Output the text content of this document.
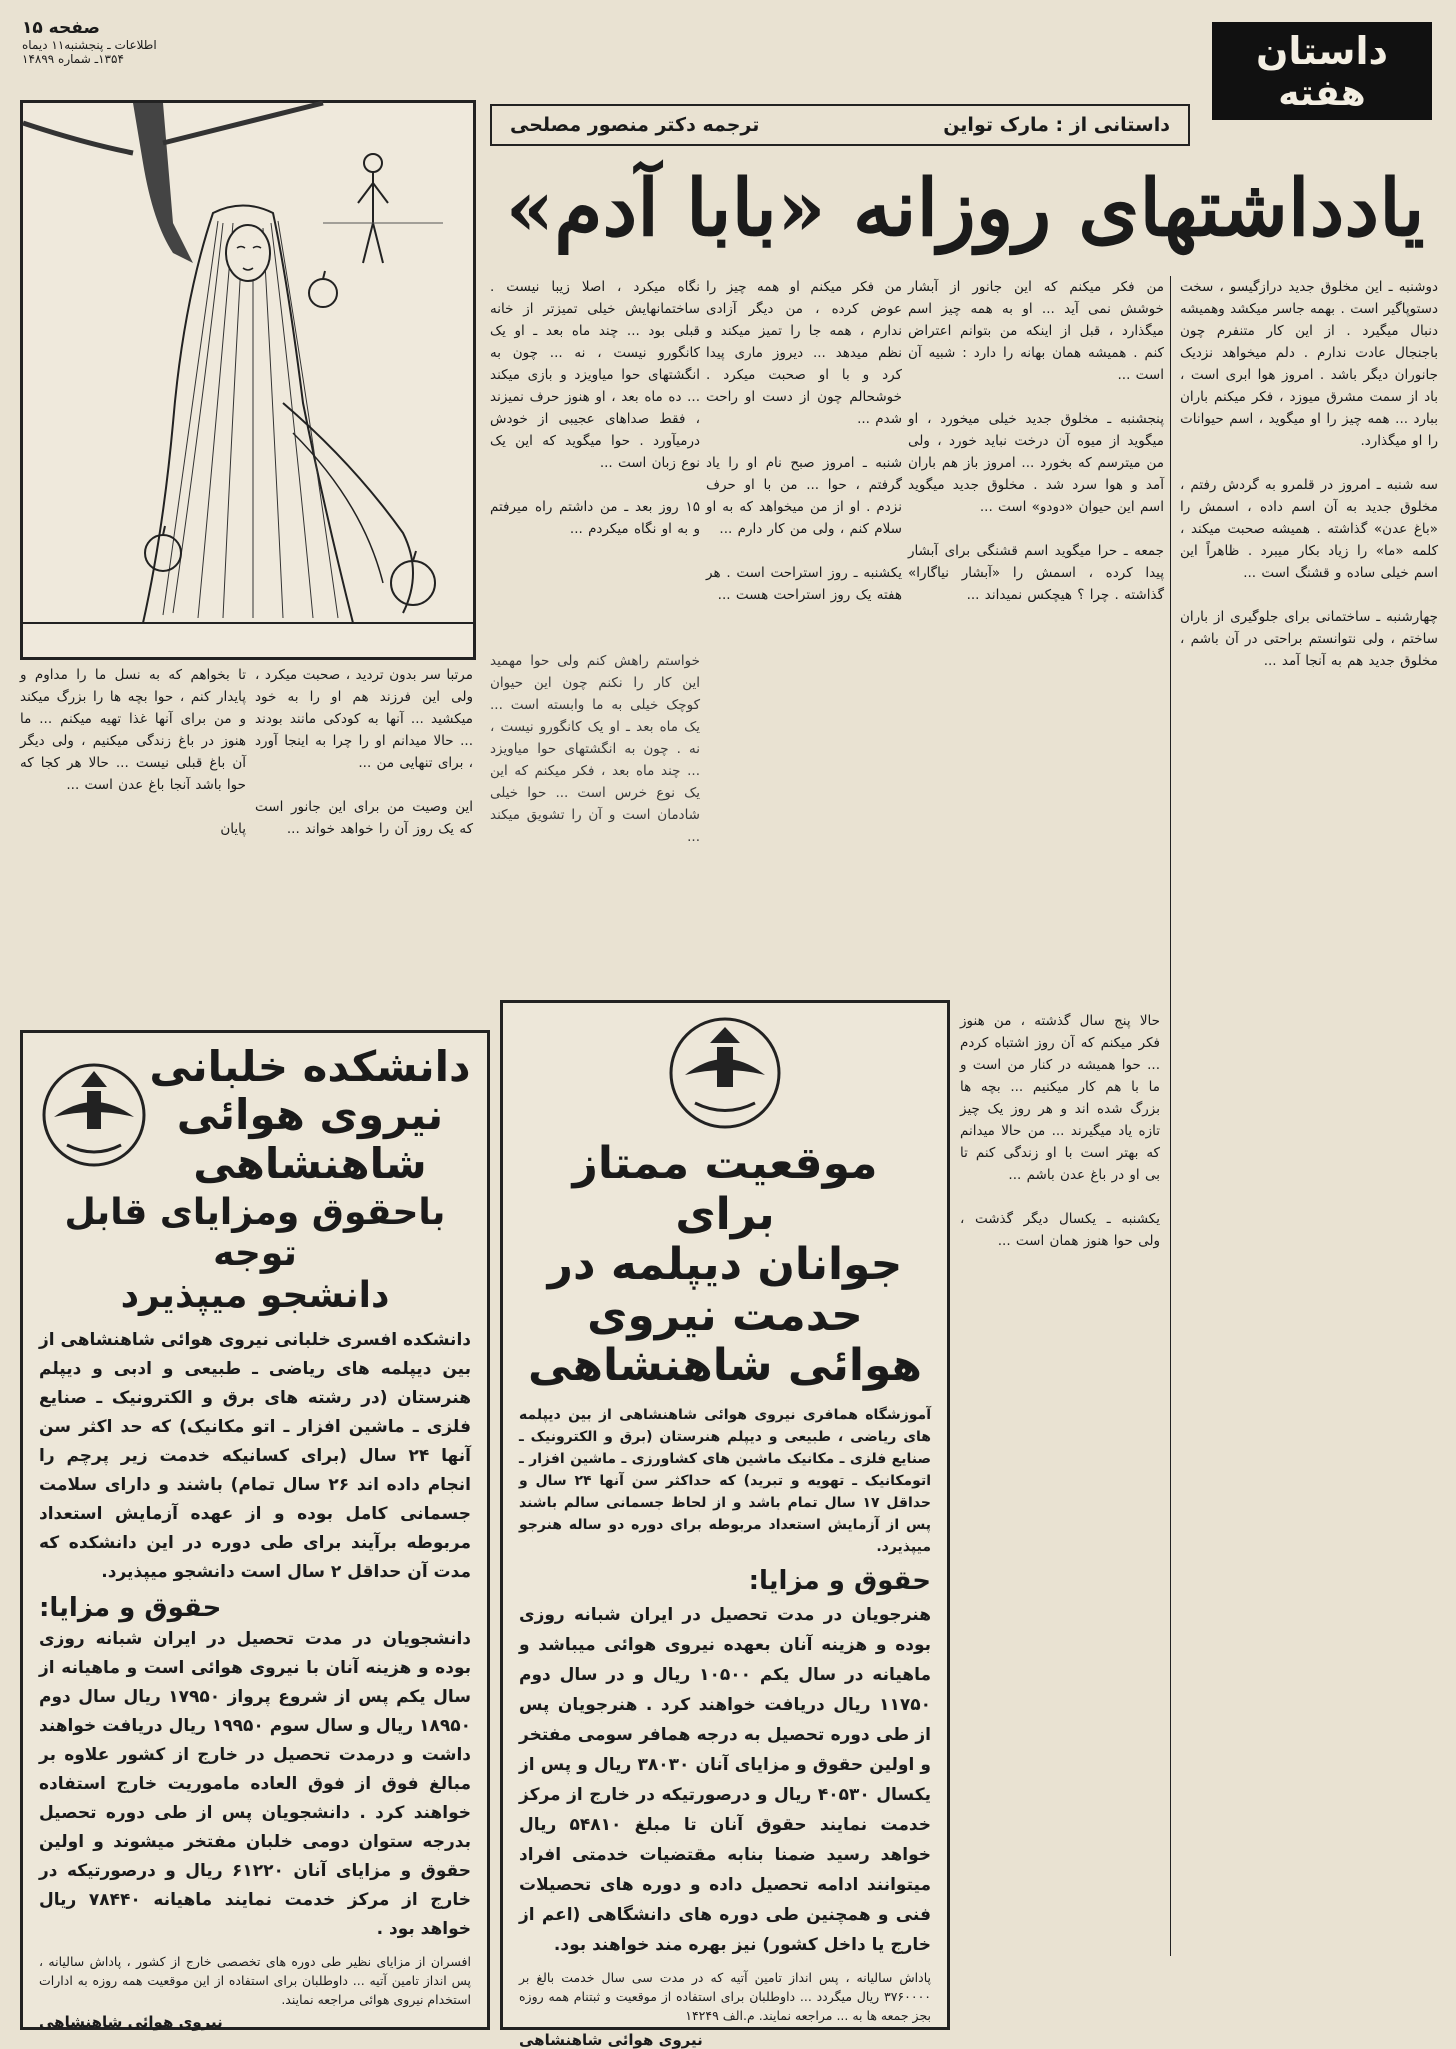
صفحه ۱۵
اطلاعات ـ پنجشنبه۱۱ دیماه
۱۳۵۴ـ شماره ۱۴۸۹۹	داستان
هفته
داستانی از : مارک تواین
ترجمه دکتر منصور مصلحی
یادداشتهای روزانه «بابا آدم»
دوشنبه ـ این مخلوق جدید درازگیسو ، سخت دستوپاگیر است . بهمه جاسر میکشد وهمیشه دنبال میگیرد . از این کار متنفرم چون باجنجال عادت ندارم . دلم میخواهد نزدیک جانوران دیگر باشد . امروز هوا ابری است ، باد از سمت مشرق میوزد ، فکر میکنم باران ببارد ... همه چیز را او میگوید ، اسم حیوانات را او میگذارد.

سه شنبه ـ امروز در قلمرو به گردش رفتم ، مخلوق جدید به آن اسم داده ، اسمش را «باغ عدن» گذاشته . همیشه صحبت میکند ، کلمه «ما» را زیاد بکار میبرد . ظاهراً این اسم خیلی ساده و قشنگ است ...

چهارشنبه ـ ساختمانی برای جلوگیری از باران ساختم ، ولی نتوانستم براحتی در آن باشم ، مخلوق جدید هم به آنجا آمد ...
من فکر میکنم که این جانور از آبشار خوشش نمی آید ... او به همه چیز اسم میگذارد ، قبل از اینکه من بتوانم اعتراض کنم . همیشه همان بهانه را دارد : شبیه آن است ...

پنجشنبه ـ مخلوق جدید خیلی میخورد ، او میگوید از میوه آن درخت نباید خورد ، ولی من میترسم که بخورد ... امروز باز هم باران آمد و هوا سرد شد . مخلوق جدید میگوید اسم این حیوان «دودو» است ...

جمعه ـ حرا میگوید اسم قشنگی برای آبشار پیدا کرده ، اسمش را «آبشار نیاگارا» گذاشته . چرا ؟ هیچکس نمیداند ...
من فکر میکنم او همه چیز را عوض کرده ، من دیگر آزادی ندارم ، همه جا را تمیز میکند و نظم میدهد ... دیروز ماری پیدا کرد و با او صحبت میکرد . خوشحالم چون از دست او راحت شدم ...

شنبه ـ امروز صبح نام او را یاد گرفتم ، حوا ... من با او حرف نزدم . او از من میخواهد که به او سلام کنم ، ولی من کار دارم ...

یکشنبه ـ روز استراحت است . هر هفته یک روز استراحت هست ...
نگاه میکرد ، اصلا زیبا نیست . ساختمانهایش خیلی تمیزتر از خانه قبلی بود ... چند ماه بعد ـ او یک کانگورو نیست ، نه ... چون به انگشتهای حوا میاویزد و بازی میکند ... ده ماه بعد ، او هنوز حرف نمیزند ، فقط صداهای عجیبی از خودش درمیآورد . حوا میگوید که این یک نوع زبان است ...

۱۵ روز بعد ـ من داشتم راه میرفتم و به او نگاه میکردم ...
خواستم راهش کنم ولی حوا مهمید این کار را نکنم چون این حیوان کوچک خیلی به ما وابسته است ... یک ماه بعد ـ او یک کانگورو نیست ، نه . چون به انگشتهای حوا میاویزد ... چند ماه بعد ، فکر میکنم که این یک نوع خرس است ... حوا خیلی شادمان است و آن را تشویق میکند ...
مرتبا سر بدون تردید ، صحبت میکرد ، ولی این فرزند هم او را به خود میکشید ... آنها به کودکی مانند بودند ... حالا میدانم او را چرا به اینجا آورد ، برای تنهایی من ...

این وصیت من برای این جانور است که یک روز آن را خواهد خواند ...
تا بخواهم که به نسل ما را مداوم و پایدار کنم ، حوا بچه ها را بزرگ میکند و من برای آنها غذا تهیه میکنم ... ما هنوز در باغ زندگی میکنیم ، ولی دیگر آن باغ قبلی نیست ... حالا هر کجا که حوا باشد آنجا باغ عدن است ...

پایان
حالا پنج سال گذشته ، من هنوز فکر میکنم که آن روز اشتباه کردم ... حوا همیشه در کنار من است و ما با هم کار میکنیم ... بچه ها بزرگ شده اند و هر روز یک چیز تازه یاد میگیرند ... من حالا میدانم که بهتر است با او زندگی کنم تا بی او در باغ عدن باشم ...

یکشنبه ـ یکسال دیگر گذشت ، ولی حوا هنوز همان است ...
موقعیت ممتاز برای
جوانان دیپلمه در
حدمت نیروی
هوائی شاهنشاهی
آموزشگاه همافری نیروی هوائی شاهنشاهی از بین دیپلمه های ریاضی ، طبیعی و دیپلم هنرستان (برق و الکترونیک ـ صنایع فلزی ـ مکانیک ماشین های کشاورزی ـ ماشین افزار ـ اتومکانیک ـ تهویه و تبرید) که حداکثر سن آنها ۲۴ سال و حداقل ۱۷ سال تمام باشد و از لحاظ جسمانی سالم باشند پس از آزمایش استعداد مربوطه برای دوره دو ساله هنرجو میپذیرد.
حقوق و مزایا:
هنرجویان در مدت تحصیل در ایران شبانه روزی بوده و هزینه آنان بعهده نیروی هوائی میباشد و ماهیانه در سال یکم ۱۰۵۰۰ ریال و در سال دوم ۱۱۷۵۰ ریال دریافت خواهند کرد . هنرجویان پس از طی دوره تحصیل به درجه همافر سومی مفتخر و اولین حقوق و مزایای آنان ۳۸۰۳۰ ریال و پس از یکسال ۴۰۵۳۰ ریال و درصورتیکه در خارج از مرکز خدمت نمایند حقوق آنان تا مبلغ ۵۴۸۱۰ ریال خواهد رسید ضمنا بنابه مقتضیات خدمتی افراد میتوانند ادامه تحصیل داده و دوره های تحصیلات فنی و همچنین طی دوره های دانشگاهی (اعم از خارج یا داخل کشور) نیز بهره مند خواهند بود.
پاداش سالیانه ، پس انداز تامین آتیه که در مدت سی سال خدمت بالغ بر ۳۷۶۰۰۰۰ ریال میگردد ... داوطلبان برای استفاده از موقعیت و ثبتنام همه روزه بجز جمعه ها به ... مراجعه نمایند. م.الف ۱۴۲۴۹
نیروی هوائی شاهنشاهی
دانشکده خلبانی
نیروی هوائی
شاهنشاهی
باحقوق ومزایای قابل توجه
دانشجو میپذیرد
دانشکده افسری خلبانی نیروی هوائی شاهنشاهی از بین دیپلمه های ریاضی ـ طبیعی و ادبی و دیپلم هنرستان (در رشته های برق و الکترونیک ـ صنایع فلزی ـ ماشین افزار ـ اتو مکانیک) که حد اکثر سن آنها ۲۴ سال (برای کسانیکه خدمت زیر پرچم را انجام داده اند ۲۶ سال تمام) باشند و دارای سلامت جسمانی کامل بوده و از عهده آزمایش استعداد مربوطه برآیند برای طی دوره در این دانشکده که مدت آن حداقل ۲ سال است دانشجو میپذیرد.
حقوق و مزایا:
دانشجویان در مدت تحصیل در ایران شبانه روزی بوده و هزینه آنان با نیروی هوائی است و ماهیانه از سال یکم پس از شروع پرواز ۱۷۹۵۰ ریال سال دوم ۱۸۹۵۰ ریال و سال سوم ۱۹۹۵۰ ریال دریافت خواهند داشت و درمدت تحصیل در خارج از کشور علاوه بر مبالغ فوق از فوق العاده ماموریت خارج استفاده خواهند کرد . دانشجویان پس از طی دوره تحصیل بدرجه ستوان دومی خلبان مفتخر میشوند و اولین حقوق و مزایای آنان ۶۱۲۲۰ ریال و درصورتیکه در خارج از مرکز خدمت نمایند ماهیانه ۷۸۴۴۰ ریال خواهد بود .
افسران از مزایای نظیر طی دوره های تخصصی خارج از کشور ، پاداش سالیانه ، پس انداز تامین آتیه ... داوطلبان برای استفاده از این موقعیت همه روزه به ادارات استخدام نیروی هوائی مراجعه نمایند.
نیروی هوائی شاهنشاهی
